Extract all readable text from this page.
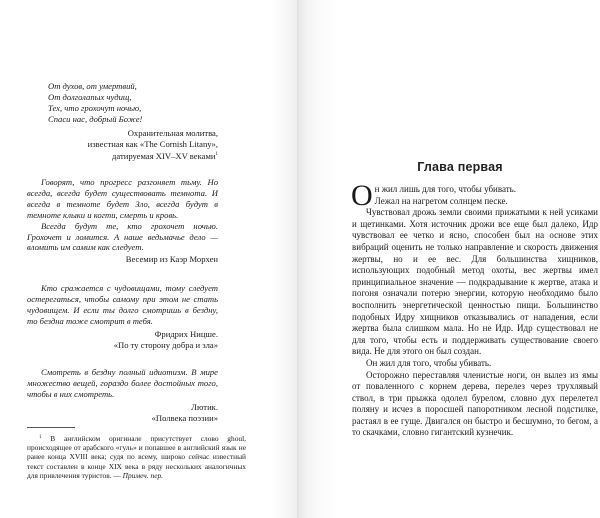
От духов, от умертвий,
От долголапых чудищ,
Тех, что грохочут ночью,
Спаси нас, добрый Боже!
Охранительная молитва,
известная как «The Cornish Litany»,
датируемая XIV–XV веками$^1$

Говорят, что прогресс разгоняет тьму. Но всегда, всегда будет существовать темнота. И всегда в темноте будет Зло, всегда будут в темноте клыки и когти, смерть и кровь.

Всегда будут те, кто грохочет ночью. Грохочет и ломится. А наше ведьмачье дело — вломить им самим как следует.

Весемир из Каэр Морхен

Кто сражается с чудовищами, тому следует остерегаться, чтобы самому при этом не стать чудовищем. И если ты долго смотришь в бездну, то бездна тоже смотрит в тебя.

Фридрих Ницше.
«По ту сторону добра и зла»

Смотреть в бездну полный идиотизм. В мире множество вещей, гораздо более достойных того, чтобы в них смотреть.

Лютик.
«Полвека поэзии»

$^1$ В английском оригинале присутствует слово ghoul, происходящее от арабского «гуль» и попавшее в английский язык не ранее конца XVIII века; судя по всему, широко сейчас известный текст составлен в конце XIX века в ряду нескольких аналогичных для привлечения туристов. — Примеч. пер.

Глава первая
О н жил лишь для того, чтобы убивать.

Лежал на нагретом солнцем песке.

Чувствовал дрожь земли своими прижатыми к ней усиками и щетинками. Хотя источник дрожи все еще был далеко, Идр чувствовал ее четко и ясно, способен был на основе этих вибраций оценить не только направление и скорость движения жертвы, но и ее вес. Для большинства хищников, использующих подобный метод охоты, вес жертвы имел принципиальное значение — подкрадывание к жертве, атака и погоня означали потерю энергии, которую необходимо было восполнить энергетической ценностью пищи. Большинство подобных Идру хищников отказывались от нападения, если жертва была слишком мала. Но не Идр. Идр существовал не для того, чтобы есть и поддерживать существование своего вида. Не для этого он был создан.

Он жил для того, чтобы убивать.

Осторожно переставляя членистые ноги, он вылез из ямы от поваленного с корнем дерева, перелез через трухлявый ствол, в три прыжка одолел бурелом, словно дух перелетел поляну и исчез в поросшей папоротником лесной подстилке, растаял в ее гуще. Двигался он быстро и бесшумно, то бегом, а то скачками, словно гигантский кузнечик.
